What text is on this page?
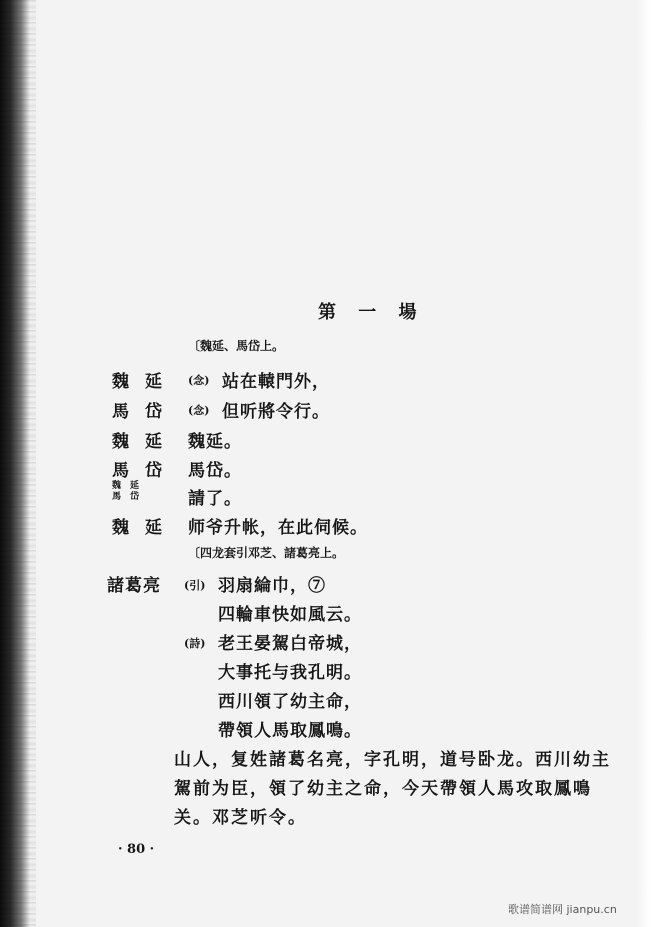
第 一 場
〔魏延、馬岱上。
魏延 (念) 站在轅門外，
馬岱 (念) 但听將令行。
魏延 魏延。
馬岱 馬岱。
魏延
馬岱 請了。
魏延 师爷升帐，在此伺候。
〔四龙套引邓芝、諸葛亮上。
諸葛亮 (引) 羽扇綸巾，⑦
四輪車快如風云。
(詩) 老王晏駕白帝城，
大事托与我孔明。
西川領了幼主命，
帶領人馬取鳳鳴。
山人，复姓諸葛名亮，字孔明，道号卧龙。西川幼主
駕前为臣，領了幼主之命，今天帶領人馬攻取鳳鳴
关。邓芝听令。
· 80 ·
歌谱简谱网 jianpu.cn
